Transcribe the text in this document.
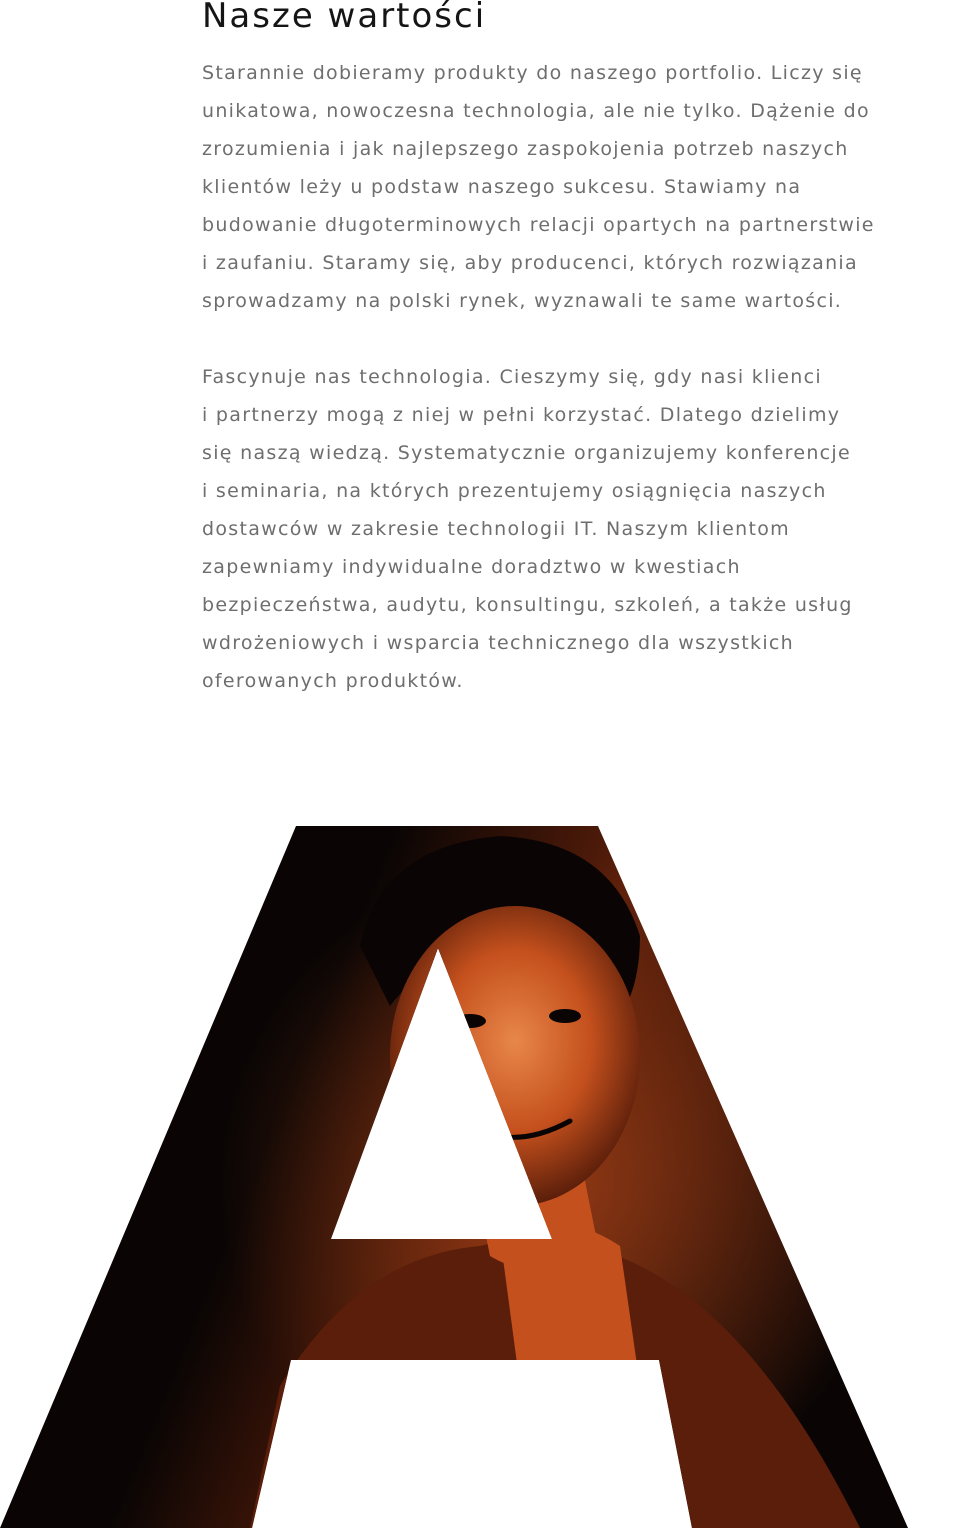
Nasze wartości
Starannie dobieramy produkty do naszego portfolio. Liczy się
unikatowa, nowoczesna technologia, ale nie tylko. Dążenie do
zrozumienia i jak najlepszego zaspokojenia potrzeb naszych
klientów leży u podstaw naszego sukcesu. Stawiamy na
budowanie długoterminowych relacji opartych na partnerstwie
i zaufaniu. Staramy się, aby producenci, których rozwiązania
sprowadzamy na polski rynek, wyznawali te same wartości.
Fascynuje nas technologia. Cieszymy się, gdy nasi klienci
i partnerzy mogą z niej w pełni korzystać. Dlatego dzielimy
się naszą wiedzą. Systematycznie organizujemy konferencje
i seminaria, na których prezentujemy osiągnięcia naszych
dostawców w zakresie technologii IT. Naszym klientom
zapewniamy indywidualne doradztwo w kwestiach
bezpieczeństwa, audytu, konsultingu, szkoleń, a także usług
wdrożeniowych i wsparcia technicznego dla wszystkich
oferowanych produktów.
